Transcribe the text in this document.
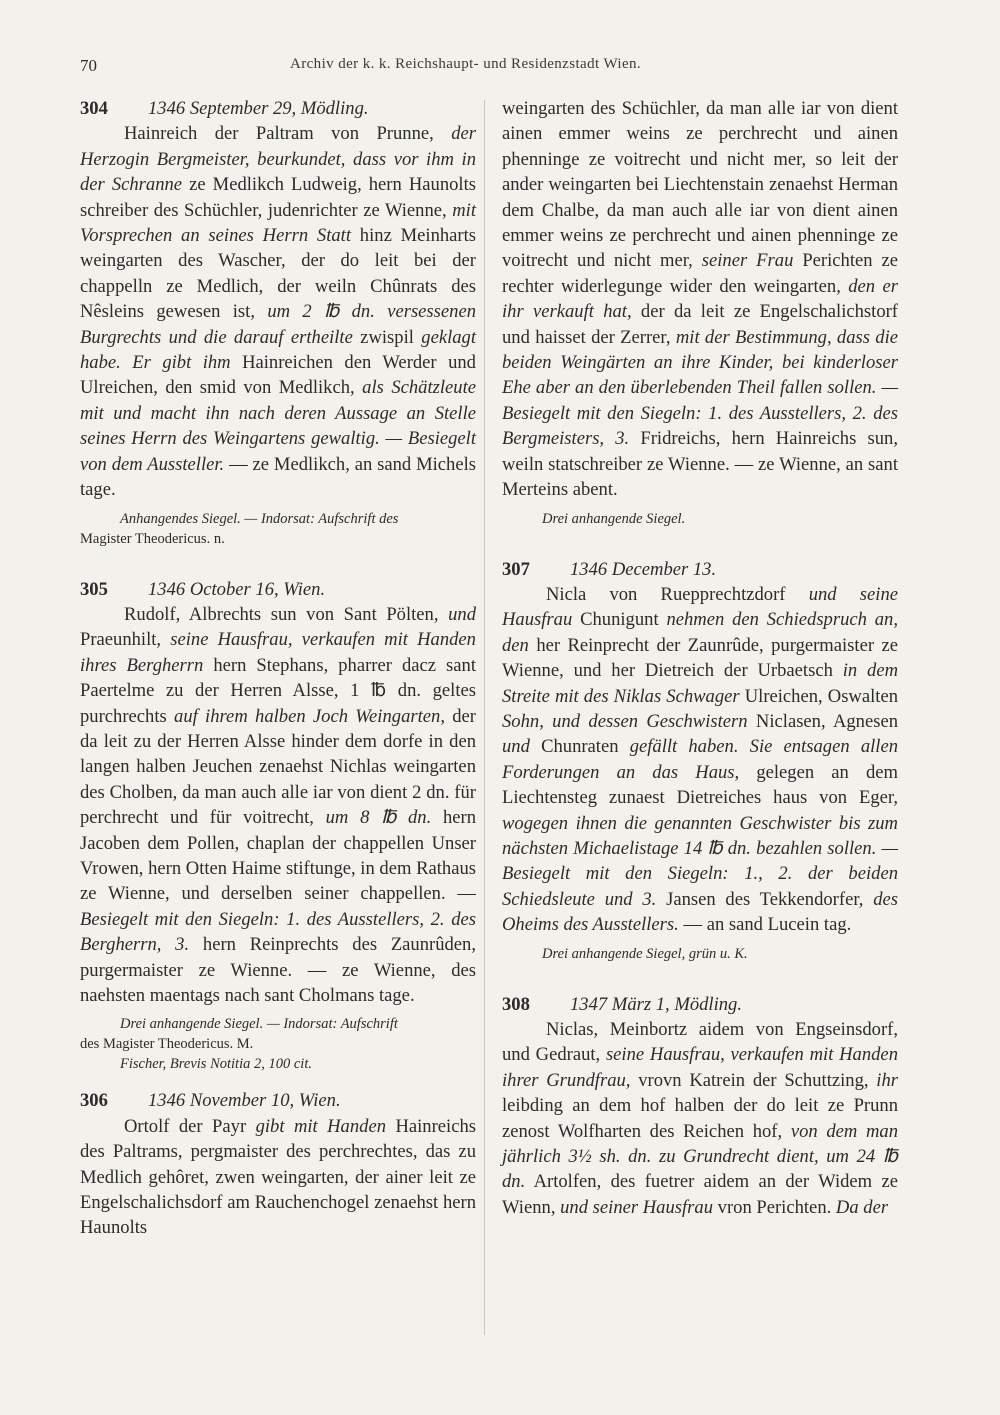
70	Archiv der k. k. Reichshaupt- und Residenzstadt Wien.
304 1346 September 29, Mödling.

Hainreich der Paltram von Prunne, der Herzogin Bergmeister, beurkundet, dass vor ihm in der Schranne ze Medlikch Ludweig, hern Haunolts schreiber des Schüchler, judenrichter ze Wienne, mit Vorsprechen an seines Herrn Statt hinz Meinharts weingarten des Wascher, der do leit bei der chappelln ze Medlich, der weiln Chûnrats des Nêsleins gewesen ist, um 2 ℔ dn. versessenen Burgrechts und die darauf ertheilte zwispil geklagt habe. Er gibt ihm Hainreichen den Werder und Ulreichen, den smid von Medlikch, als Schätzleute mit und macht ihn nach deren Aussage an Stelle seines Herrn des Weingartens gewaltig. — Besiegelt von dem Aussteller. — ze Medlikch, an sand Michels tage.

Anhangendes Siegel. — Indorsat: Aufschrift des

Magister Theodericus. n.

305 1346 October 16, Wien.

Rudolf, Albrechts sun von Sant Pölten, und Praeunhilt, seine Hausfrau, verkaufen mit Handen ihres Bergherrn hern Stephans, pharrer dacz sant Paertelme zu der Herren Alsse, 1 ℔ dn. geltes purchrechts auf ihrem halben Joch Weingarten, der da leit zu der Herren Alsse hinder dem dorfe in den langen halben Jeuchen zenaehst Nichlas weingarten des Cholben, da man auch alle iar von dient 2 dn. für perchrecht und für voitrecht, um 8 ℔ dn. hern Jacoben dem Pollen, chaplan der chappellen Unser Vrowen, hern Otten Haime stiftunge, in dem Rathaus ze Wienne, und derselben seiner chappellen. — Besiegelt mit den Siegeln: 1. des Ausstellers, 2. des Bergherrn, 3. hern Reinprechts des Zaunrûden, purgermaister ze Wienne. — ze Wienne, des naehsten maentags nach sant Cholmans tage.

Drei anhangende Siegel. — Indorsat: Aufschrift

des Magister Theodericus. M.

Fischer, Brevis Notitia 2, 100 cit.

306 1346 November 10, Wien.

Ortolf der Payr gibt mit Handen Hainreichs des Paltrams, pergmaister des perchrechtes, das zu Medlich gehôret, zwen weingarten, der ainer leit ze Engelschalichsdorf am Rauchenchogel zenaehst hern Haunolts

weingarten des Schüchler, da man alle iar von dient ainen emmer weins ze perchrecht und ainen phenninge ze voitrecht und nicht mer, so leit der ander weingarten bei Liechtenstain zenaehst Herman dem Chalbe, da man auch alle iar von dient ainen emmer weins ze perchrecht und ainen phenninge ze voitrecht und nicht mer, seiner Frau Perichten ze rechter widerlegunge wider den weingarten, den er ihr verkauft hat, der da leit ze Engelschalichstorf und haisset der Zerrer, mit der Bestimmung, dass die beiden Weingärten an ihre Kinder, bei kinderloser Ehe aber an den überlebenden Theil fallen sollen. — Besiegelt mit den Siegeln: 1. des Ausstellers, 2. des Bergmeisters, 3. Fridreichs, hern Hainreichs sun, weiln statschreiber ze Wienne. — ze Wienne, an sant Merteins abent.

Drei anhangende Siegel.

307 1346 December 13.

Nicla von Ruepprechtzdorf und seine Hausfrau Chunigunt nehmen den Schiedspruch an, den her Reinprecht der Zaunrûde, purgermaister ze Wienne, und her Dietreich der Urbaetsch in dem Streite mit des Niklas Schwager Ulreichen, Oswalten Sohn, und dessen Geschwistern Niclasen, Agnesen und Chunraten gefällt haben. Sie entsagen allen Forderungen an das Haus, gelegen an dem Liechtensteg zunaest Dietreiches haus von Eger, wogegen ihnen die genannten Geschwister bis zum nächsten Michaelistage 14 ℔ dn. bezahlen sollen. — Besiegelt mit den Siegeln: 1., 2. der beiden Schiedsleute und 3. Jansen des Tekkendorfer, des Oheims des Ausstellers. — an sand Lucein tag.

Drei anhangende Siegel, grün u. K.

308 1347 März 1, Mödling.

Niclas, Meinbortz aidem von Engseinsdorf, und Gedraut, seine Hausfrau, verkaufen mit Handen ihrer Grundfrau, vrovn Katrein der Schuttzing, ihr leibding an dem hof halben der do leit ze Prunn zenost Wolfharten des Reichen hof, von dem man jährlich 3½ sh. dn. zu Grundrecht dient, um 24 ℔ dn. Artolfen, des fuetrer aidem an der Widem ze Wienn, und seiner Hausfrau vron Perichten. Da der
